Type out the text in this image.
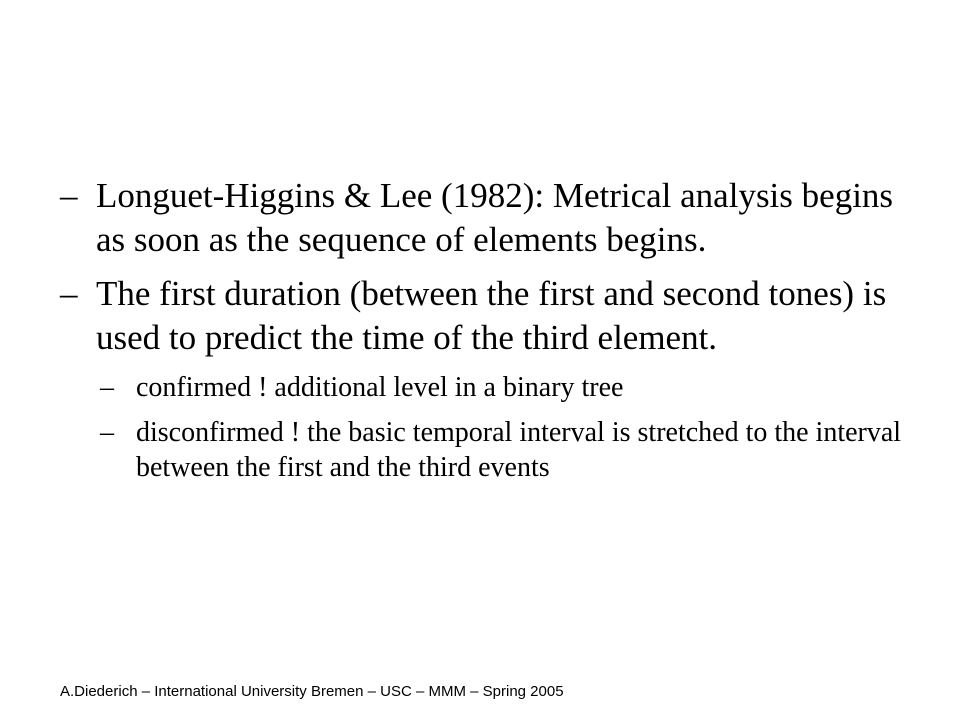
– Longuet-Higgins & Lee (1982): Metrical analysis begins as soon as the sequence of elements begins.
– The first duration (between the first and second tones) is used to predict the time of the third element.
– confirmed ! additional level in a binary tree
– disconfirmed ! the basic temporal interval is stretched to the interval between the first and the third events
A.Diederich – International University Bremen – USC – MMM – Spring 2005
